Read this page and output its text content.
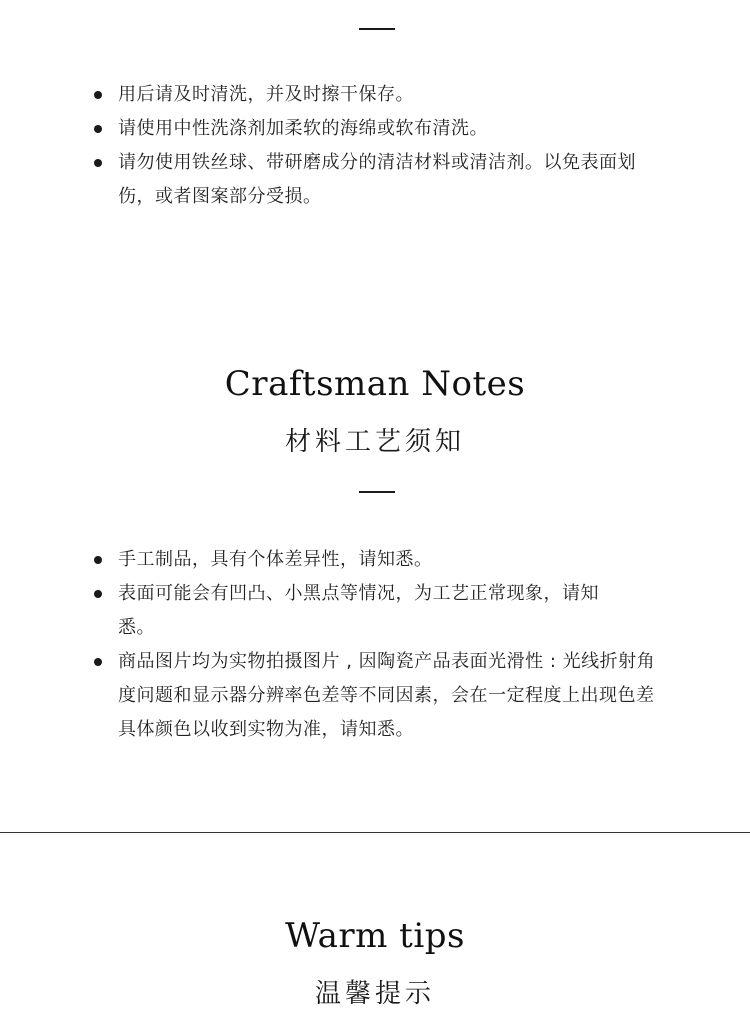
用后请及时清洗，并及时擦干保存。
请使用中性洗涤剂加柔软的海绵或软布清洗。
请勿使用铁丝球、带研磨成分的清洁材料或清洁剂。以免表面划伤，或者图案部分受损。
Craftsman Notes
材料工艺须知
手工制品，具有个体差异性，请知悉。
表面可能会有凹凸、小黑点等情况，为工艺正常现象，请知悉。
商品图片均为实物拍摄图片 , 因陶瓷产品表面光滑性 : 光线折射角度问题和显示器分辨率色差等不同因素，会在一定程度上出现色差具体颜色以收到实物为准，请知悉。
Warm tips
温馨提示
